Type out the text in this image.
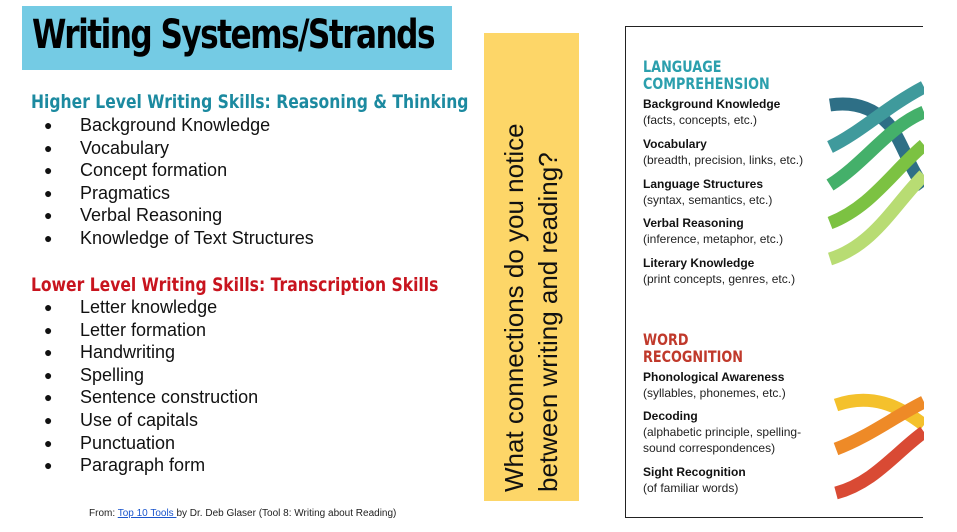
Writing Systems/Strands
Higher Level Writing Skills: Reasoning & Thinking
● Background Knowledge
● Vocabulary
● Concept formation
● Pragmatics
● Verbal Reasoning
● Knowledge of Text Structures
Lower Level Writing Skills: Transcription Skills
● Letter knowledge
● Letter formation
● Handwriting
● Spelling
● Sentence construction
● Use of capitals
● Punctuation
● Paragraph form
From: Top 10 Tools by Dr. Deb Glaser (Tool 8: Writing about Reading)
What connections do you notice between writing and reading?
LANGUAGE
COMPREHENSION
Background Knowledge
(facts, concepts, etc.)
Vocabulary
(breadth, precision, links, etc.)
Language Structures
(syntax, semantics, etc.)
Verbal Reasoning
(inference, metaphor, etc.)
Literary Knowledge
(print concepts, genres, etc.)
WORD
RECOGNITION
Phonological Awareness
(syllables, phonemes, etc.)
Decoding
(alphabetic principle, spelling-
sound correspondences)
Sight Recognition
(of familiar words)
